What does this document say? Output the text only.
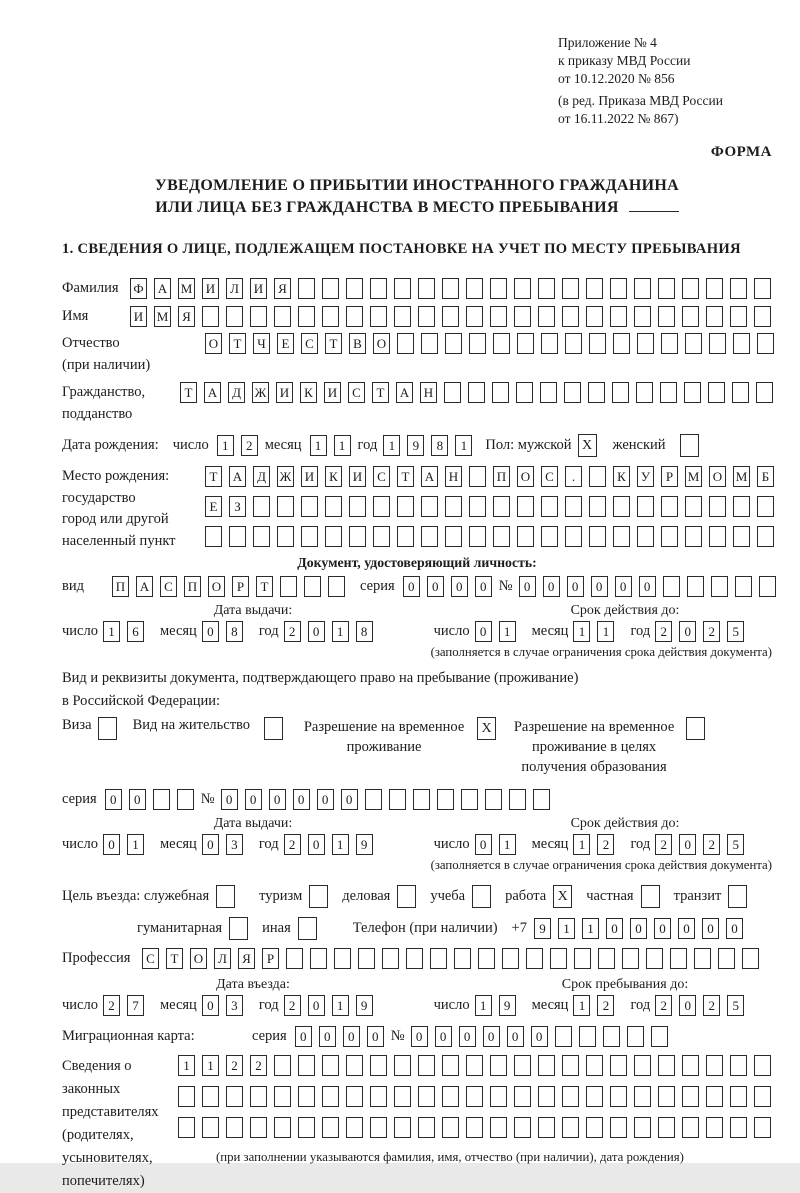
Приложение № 4
к приказу МВД России
от 10.12.2020 № 856
(в ред. Приказа МВД России
от 16.11.2022 № 867)
ФОРМА
УВЕДОМЛЕНИЕ О ПРИБЫТИИ ИНОСТРАННОГО ГРАЖДАНИНА
ИЛИ ЛИЦА БЕЗ ГРАЖДАНСТВА В МЕСТО ПРЕБЫВАНИЯ
1. СВЕДЕНИЯ О ЛИЦЕ, ПОДЛЕЖАЩЕМ ПОСТАНОВКЕ НА УЧЕТ ПО МЕСТУ ПРЕБЫВАНИЯ
Фамилия	Ф А М И	Л	И	Я
Имя	И М	Я
Отчество
(при наличии)
О	Т	Ч	Е	С	Т	В	О
Гражданство,
подданство
Т	А	Д	Ж И	К	И	С	Т	А Н
Дата рождения: число	1	2 месяц	1	1 год 1	9	8	1	Пол: мужской X	женский
Место рождения:
государство
город или другой
населенный пункт
Т	А	Д	Ж И	К	И	С	Т	А Н	П О	С	.	К	У	Р	М О М	Б
Е	З
Документ, удостоверяющий личность:
вид	П А	С	П О	Р	Т	серия	0	0	0	0 № 0	0	0	0	0	0
Дата выдачи:	Срок действия до:
число 1	6	месяц 0	8	год 2	0	1	8	число 0	1	месяц 1	1	год 2	0	2	5
(заполняется в случае ограничения срока действия документа)
Вид и реквизиты документа, подтверждающего право на пребывание (проживание)
в Российской Федерации:
Виза	Вид на жительство	Разрешение на временное
проживание
X	Разрешение на временное
проживание в целях
получения образования
серия	0	0	№ 0	0	0	0	0	0
Дата выдачи:	Срок действия до:
число 0	1	месяц 0	3	год 2	0	1	9	число 0	1	месяц 1	2	год 2	0	2	5
(заполняется в случае ограничения срока действия документа)
Цель въезда: служебная	туризм	деловая	учеба	работа X	частная	транзит
гуманитарная	иная	Телефон (при наличии) +7 9	1	1	0	0	0	0	0	0
Профессия	С	Т	О	Л	Я	Р
Дата въезда:	Срок пребывания до:
число 2	7	месяц 0	3	год 2	0	1	9	число 1	9	месяц 1	2	год 2	0	2	5
Миграционная карта:	серия	0	0	0	0 № 0	0	0	0	0	0
Сведения о
законных
представителях
(родителях,
усыновителях,
попечителях)
1	1	2	2
(при заполнении указываются фамилия, имя, отчество (при наличии), дата рождения)
